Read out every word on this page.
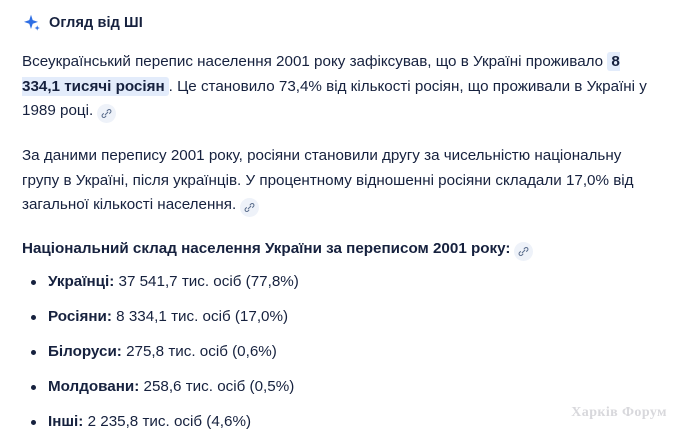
Огляд від ШІ

Всеукраїнський перепис населення 2001 року зафіксував, що в Україні проживало 8 334,1 тисячі росіян . Це становило 73,4% від кількості росіян, що проживали в Україні у 1989 році.

За даними перепису 2001 року, росіяни становили другу за чисельністю національну групу в Україні, після українців. У процентному відношенні росіяни складали 17,0% від загальної кількості населення.

Національний склад населення України за переписом 2001 року:

Українці: 37 541,7 тис. осіб (77,8%)
Росіяни: 8 334,1 тис. осіб (17,0%)
Білоруси: 275,8 тис. осіб (0,6%)
Молдовани: 258,6 тис. осіб (0,5%)
Інші: 2 235,8 тис. осіб (4,6%)
Харків Форум
